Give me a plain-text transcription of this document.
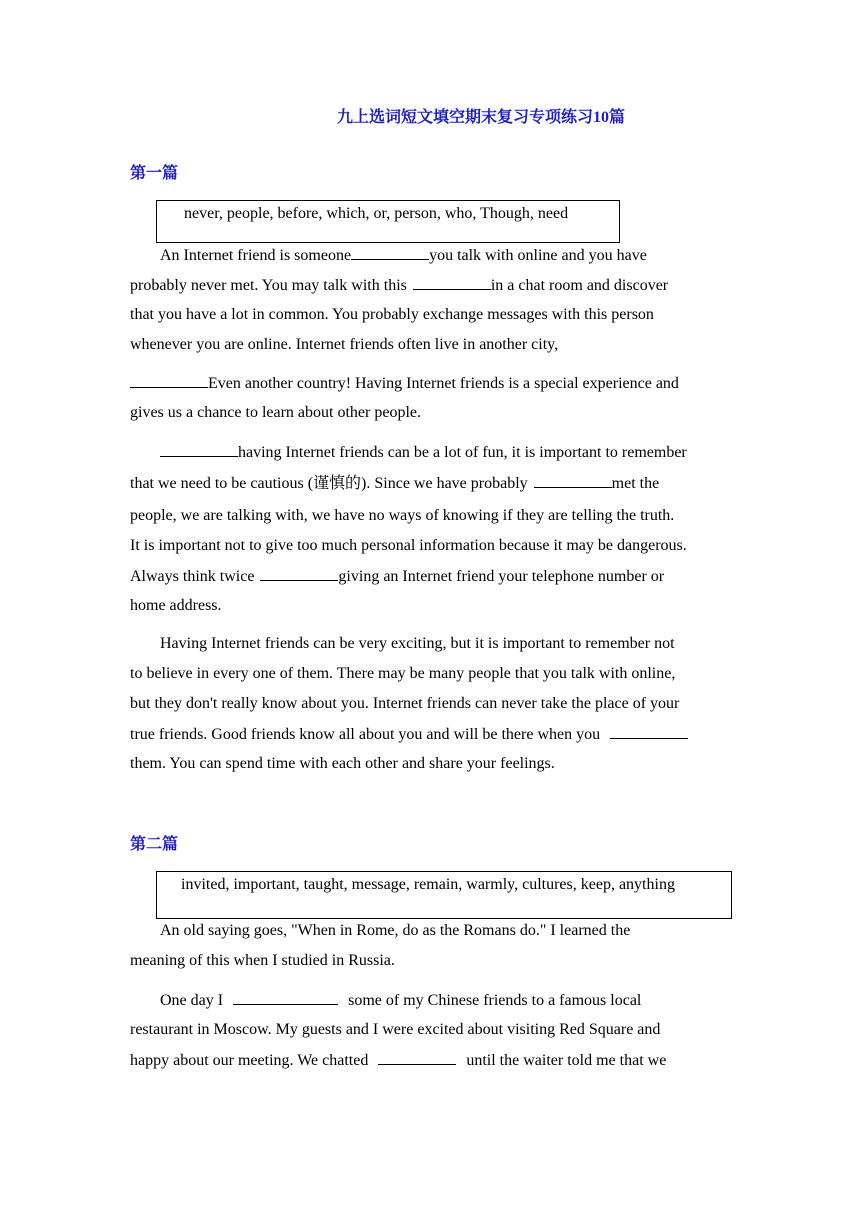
九上选词短文填空期末复习专项练习10篇
第一篇
never, people, before, which, or, person, who, Though, need
An Internet friend is someone	you talk with online and you have
probably never met. You may talk with this	in a chat room and discover
that you have a lot in common. You probably exchange messages with this person
whenever you are online. Internet friends often live in another city,
Even another country! Having Internet friends is a special experience and
gives us a chance to learn about other people.
having Internet friends can be a lot of fun, it is important to remember
that we need to be cautious (谨慎的). Since we have probably	met the
people, we are talking with, we have no ways of knowing if they are telling the truth.
It is important not to give too much personal information because it may be dangerous.
Always think twice	giving an Internet friend your telephone number or
home address.
Having Internet friends can be very exciting, but it is important to remember not
to believe in every one of them. There may be many people that you talk with online,
but they don't really know about you. Internet friends can never take the place of your
true friends. Good friends know all about you and will be there when you
them. You can spend time with each other and share your feelings.
第二篇
invited, important, taught, message, remain, warmly, cultures, keep, anything
An old saying goes, "When in Rome, do as the Romans do." I learned the
meaning of this when I studied in Russia.
One day I	some of my Chinese friends to a famous local
restaurant in Moscow. My guests and I were excited about visiting Red Square and
happy about our meeting. We chatted	until the waiter told me that we
